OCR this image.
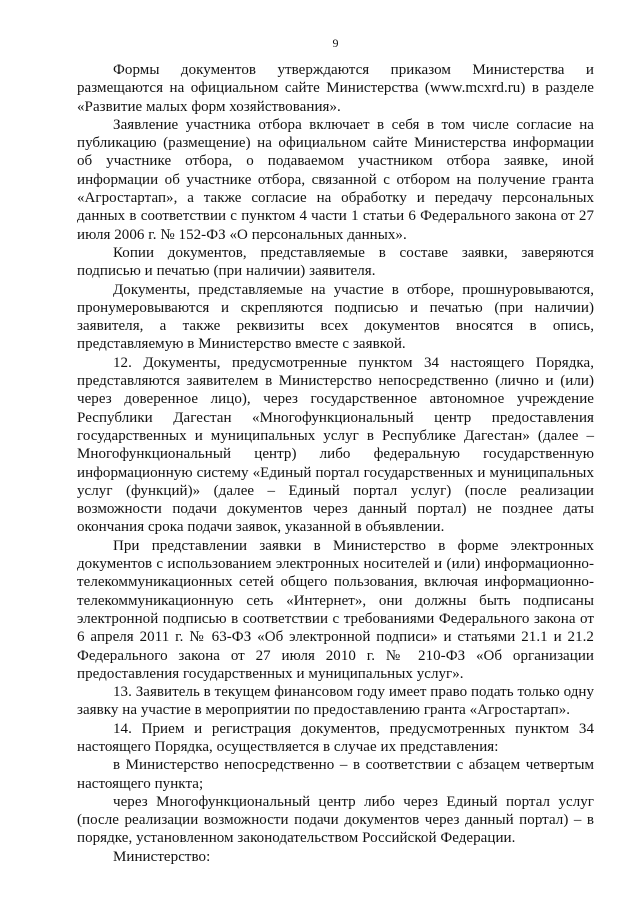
9

Формы документов утверждаются приказом Министерства и размещаются на официальном сайте Министерства (www.mcxrd.ru) в разделе «Развитие малых форм хозяйствования».

Заявление участника отбора включает в себя в том числе согласие на публикацию (размещение) на официальном сайте Министерства информации об участнике отбора, о подаваемом участником отбора заявке, иной информации об участнике отбора, связанной с отбором на получение гранта «Агростартап», а также согласие на обработку и передачу персональных данных в соответствии с пунктом 4 части 1 статьи 6 Федерального закона от 27 июля 2006 г. № 152-ФЗ «О персональных данных».

Копии документов, представляемые в составе заявки, заверяются подписью и печатью (при наличии) заявителя.

Документы, представляемые на участие в отборе, прошнуровываются, пронумеровываются и скрепляются подписью и печатью (при наличии) заявителя, а также реквизиты всех документов вносятся в опись, представляемую в Министерство вместе с заявкой.

12. Документы, предусмотренные пунктом 34 настоящего Порядка, представляются заявителем в Министерство непосредственно (лично и (или) через доверенное лицо), через государственное автономное учреждение Республики Дагестан «Многофункциональный центр предоставления государственных и муниципальных услуг в Республике Дагестан» (далее – Многофункциональный центр) либо федеральную государственную информационную систему «Единый портал государственных и муниципальных услуг (функций)» (далее – Единый портал услуг) (после реализации возможности подачи документов через данный портал) не позднее даты окончания срока подачи заявок, указанной в объявлении.

При представлении заявки в Министерство в форме электронных документов с использованием электронных носителей и (или) информационно-телекоммуникационных сетей общего пользования, включая информационно-телекоммуникационную сеть «Интернет», они должны быть подписаны электронной подписью в соответствии с требованиями Федерального закона от 6 апреля 2011 г. № 63-ФЗ «Об электронной подписи» и статьями 21.1 и 21.2 Федерального закона от 27 июля 2010 г. № 210-ФЗ «Об организации предоставления государственных и муниципальных услуг».

13. Заявитель в текущем финансовом году имеет право подать только одну заявку на участие в мероприятии по предоставлению гранта «Агростартап».

14. Прием и регистрация документов, предусмотренных пунктом 34 настоящего Порядка, осуществляется в случае их представления:

в Министерство непосредственно – в соответствии с абзацем четвертым настоящего пункта;

через Многофункциональный центр либо через Единый портал услуг (после реализации возможности подачи документов через данный портал) – в порядке, установленном законодательством Российской Федерации.

Министерство:
